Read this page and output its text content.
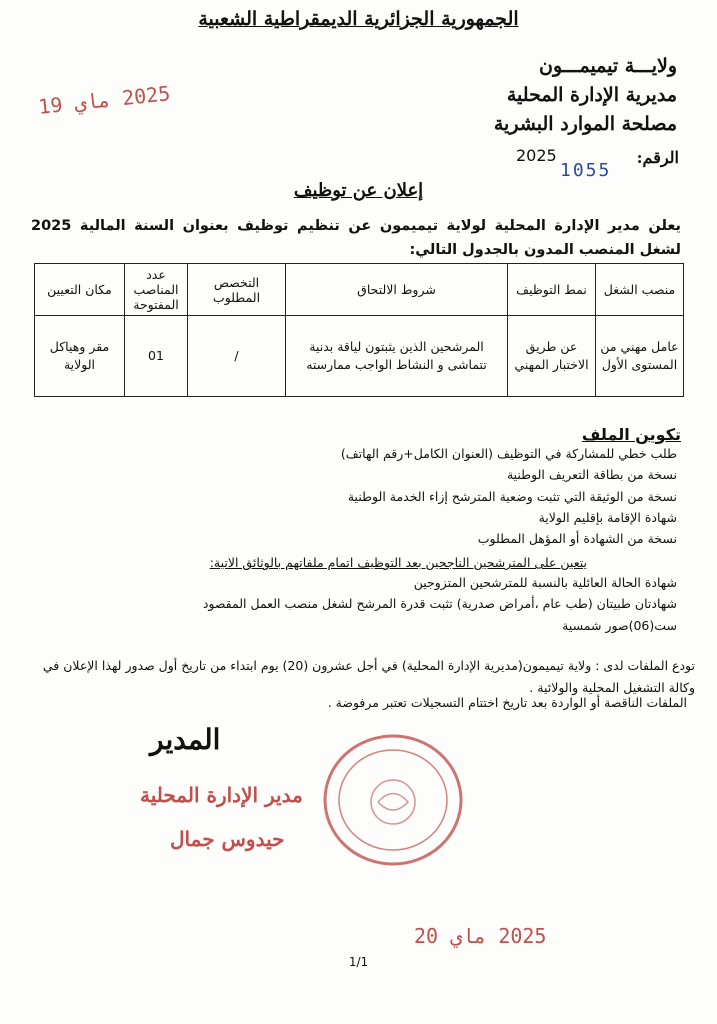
الجمهورية الجزائرية الديمقراطية الشعبية
ولايـــة تيميمـــون
مديرية الإدارة المحلية
مصلحة الموارد البشرية
2025 ماي 19
الرقم:
2025
1055
إعلان عن توظيف
يعلن مدير الإدارة المحلية لولاية تيميمون عن تنظيم توظيف بعنوان السنة المالية 2025 لشغل المنصب المدون بالجدول التالي:
منصب الشغل	نمط التوظيف	شروط الالتحاق	التخصص المطلوب	عدد المناصب المفتوحة	مكان التعيين
عامل مهني من المستوى الأول	عن طريق الاختبار المهني	المرشحين الذين يثبتون لياقة بدنية تتماشى و النشاط الواجب ممارسته	/	01	مقر وهياكل الولاية
تكوين الملف
طلب خطي للمشاركة في التوظيف (العنوان الكامل+رقم الهاتف)
نسخة من بطاقة التعريف الوطنية
نسخة من الوثيقة التي تثبت وضعية المترشح إزاء الخدمة الوطنية
شهادة الإقامة بإقليم الولاية
نسخة من الشهادة أو المؤهل المطلوب
يتعين على المترشحين الناجحين بعد التوظيف اتمام ملفاتهم بالوثائق الاتية:
شهادة الحالة العائلية بالنسبة للمترشحين المتزوجين
شهادتان طبيتان (طب عام ،أمراض صدرية) تثبت قدرة المرشح لشغل منصب العمل المقصود
ست(06)صور شمسية
تودع الملفات لدى : ولاية تيميمون(مديرية الإدارة المحلية) في أجل عشرون (20) يوم ابتداء من تاريخ أول صدور لهذا الإعلان في وكالة التشغيل المحلية والولائية .
الملفات الناقصة أو الواردة بعد تاريخ اختتام التسجيلات تعتبر مرفوضة .
المدير
مدير الإدارة المحلية
حيدوس جمال
2025 ماي 20
1/1
